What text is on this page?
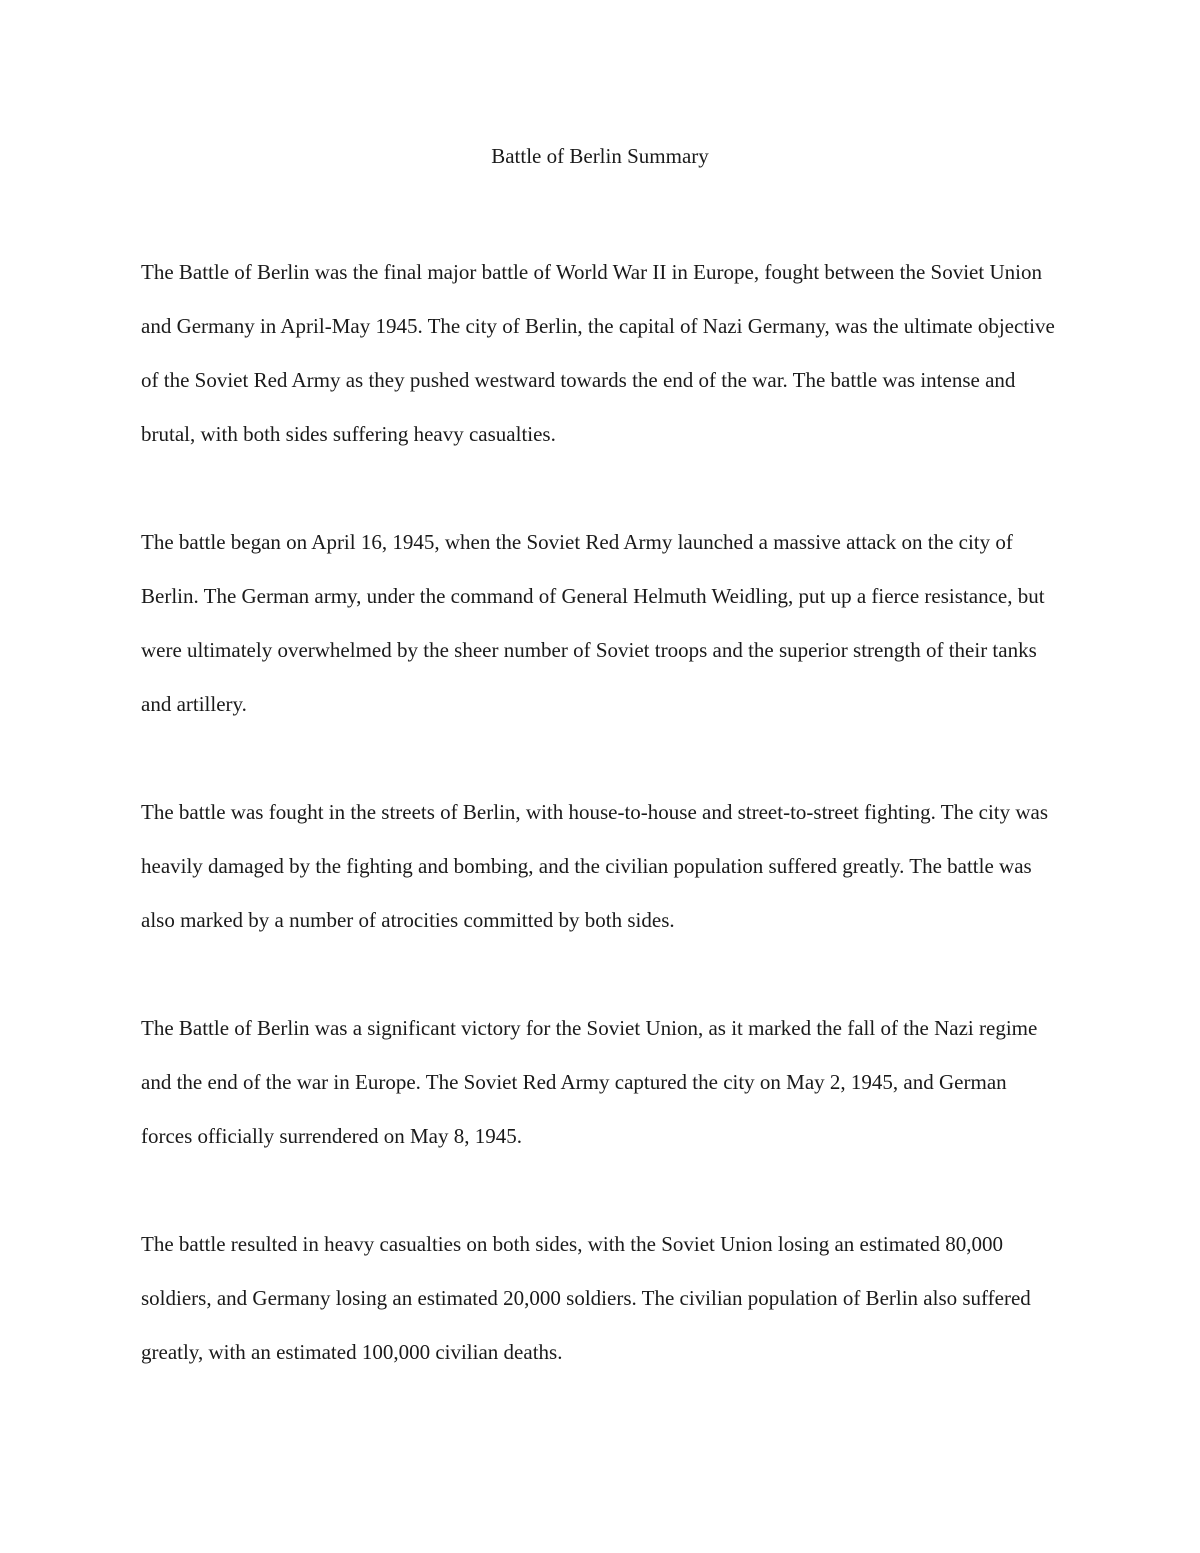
Battle of Berlin Summary

The Battle of Berlin was the final major battle of World War II in Europe, fought between the Soviet Union and Germany in April-May 1945. The city of Berlin, the capital of Nazi Germany, was the ultimate objective of the Soviet Red Army as they pushed westward towards the end of the war. The battle was intense and brutal, with both sides suffering heavy casualties.

The battle began on April 16, 1945, when the Soviet Red Army launched a massive attack on the city of Berlin. The German army, under the command of General Helmuth Weidling, put up a fierce resistance, but were ultimately overwhelmed by the sheer number of Soviet troops and the superior strength of their tanks and artillery.

The battle was fought in the streets of Berlin, with house-to-house and street-to-street fighting. The city was heavily damaged by the fighting and bombing, and the civilian population suffered greatly. The battle was also marked by a number of atrocities committed by both sides.

The Battle of Berlin was a significant victory for the Soviet Union, as it marked the fall of the Nazi regime and the end of the war in Europe. The Soviet Red Army captured the city on May 2, 1945, and German forces officially surrendered on May 8, 1945.

The battle resulted in heavy casualties on both sides, with the Soviet Union losing an estimated 80,000 soldiers, and Germany losing an estimated 20,000 soldiers. The civilian population of Berlin also suffered greatly, with an estimated 100,000 civilian deaths.
